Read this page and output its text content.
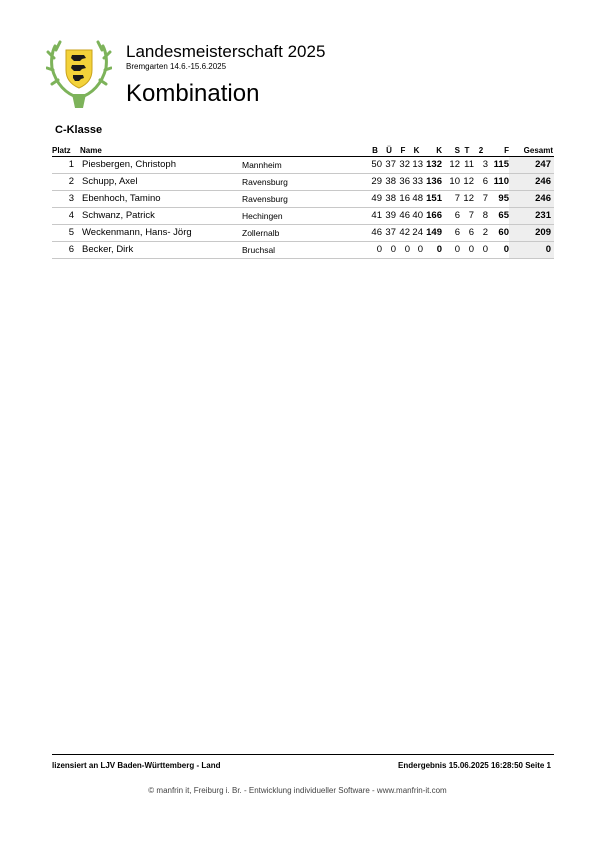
Landesmeisterschaft 2025
Bremgarten 14.6.-15.6.2025
Kombination
C-Klasse
Platz	Name		B	Ü	F	K	K	S	T	2	F	Gesamt
1	Piesbergen, Christoph	Mannheim	50	37	32	13	132	12	11	3	115	247
2	Schupp, Axel	Ravensburg	29	38	36	33	136	10	12	6	110	246
3	Ebenhoch, Tamino	Ravensburg	49	38	16	48	151	7	12	7	95	246
4	Schwanz, Patrick	Hechingen	41	39	46	40	166	6	7	8	65	231
5	Weckenmann, Hans- Jörg	Zollernalb	46	37	42	24	149	6	6	2	60	209
6	Becker, Dirk	Bruchsal	0	0	0	0	0	0	0	0	0	0
lizensiert an LJV Baden-Württemberg - Land	Endergebnis 15.06.2025 16:28:50 Seite 1
© manfrin it, Freiburg i. Br. - Entwicklung individueller Software - www.manfrin-it.com
